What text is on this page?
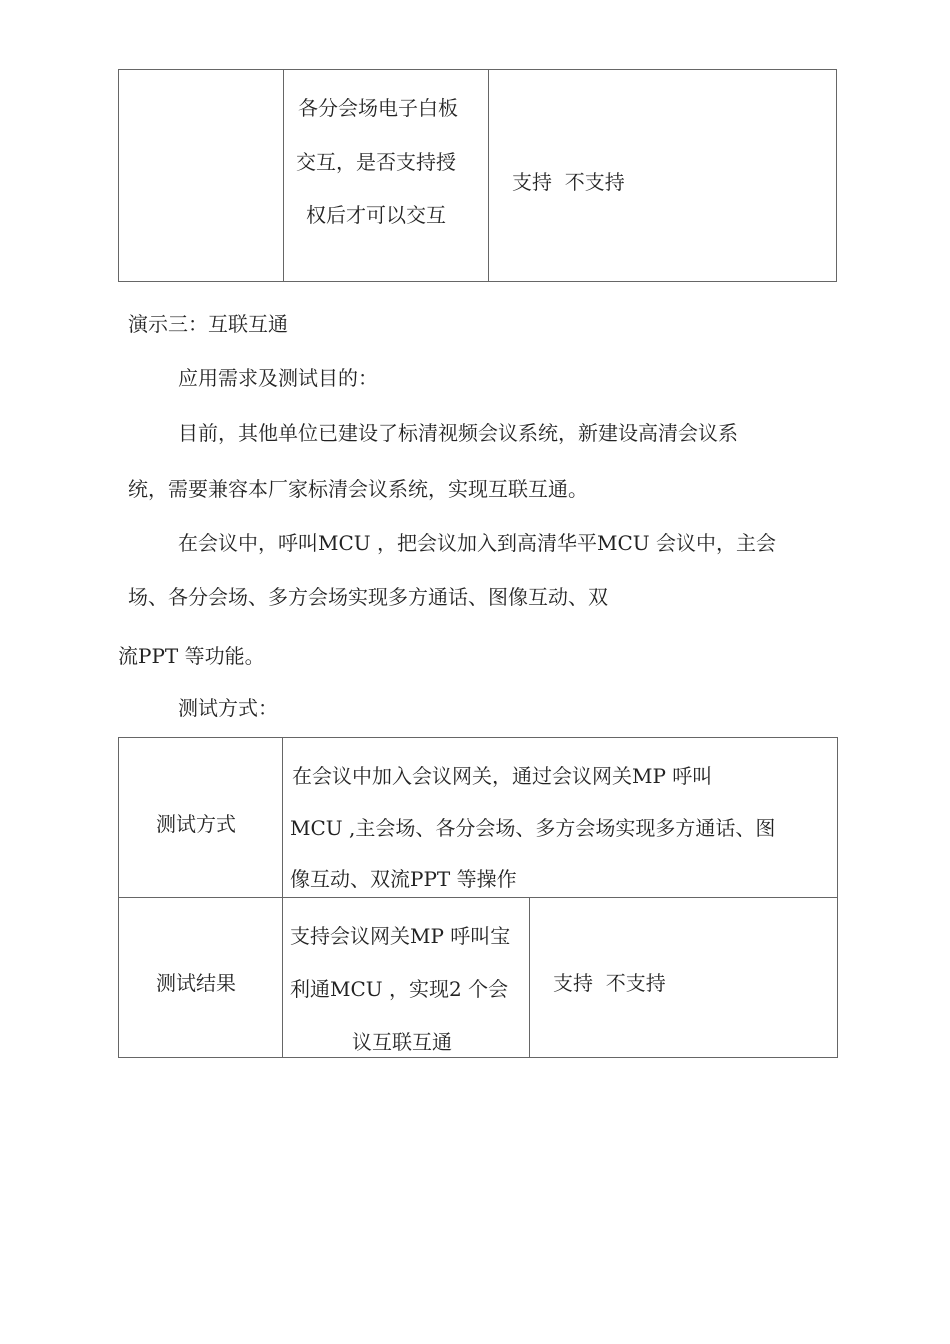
各分会场电子白板
交互，是否支持授
权后才可以交互
支持  不支持
演示三：互联互通
应用需求及测试目的：
目前，其他单位已建设了标清视频会议系统，新建设高清会议系
统，需要兼容本厂家标清会议系统，实现互联互通。
在会议中，呼叫MCU ，把会议加入到高清华平MCU 会议中，主会
场、各分会场、多方会场实现多方通话、图像互动、双
流PPT 等功能。
测试方式：
测试方式
在会议中加入会议网关，通过会议网关MP 呼叫
MCU ,主会场、各分会场、多方会场实现多方通话、图
像互动、双流PPT 等操作
测试结果
支持会议网关MP 呼叫宝
利通MCU ，实现2 个会
议互联互通
支持  不支持
